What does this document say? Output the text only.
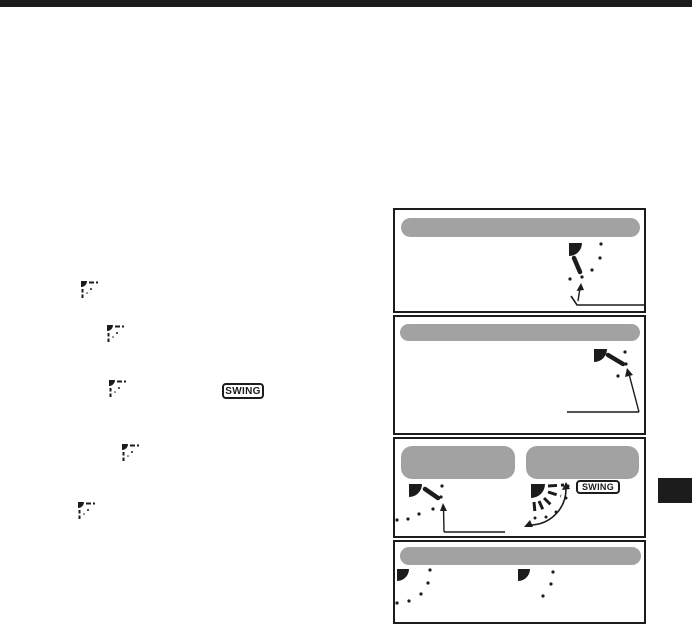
SWING
SWING
